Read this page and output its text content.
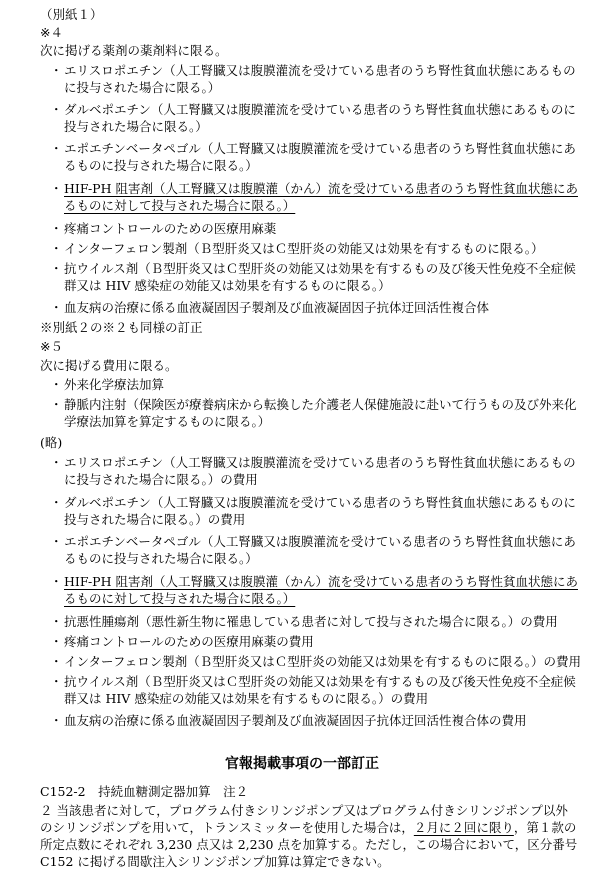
（別紙１）
※４
次に掲げる薬剤の薬剤料に限る。
・ エリスロポエチン（人工腎臓又は腹膜灌流を受けている患者のうち腎性貧血状態にあるものに投与された場合に限る。）
・ ダルベポエチン（人工腎臓又は腹膜灌流を受けている患者のうち腎性貧血状態にあるものに投与された場合に限る。）
・ エポエチンベータペゴル（人工腎臓又は腹膜灌流を受けている患者のうち腎性貧血状態にあるものに投与された場合に限る。）
・ HIF-PH 阻害剤（人工腎臓又は腹膜灌（かん）流を受けている患者のうち腎性貧血状態にあるものに対して投与された場合に限る。）
・ 疼痛コントロールのための医療用麻薬
・ インターフェロン製剤（Ｂ型肝炎又はＣ型肝炎の効能又は効果を有するものに限る。）
・ 抗ウイルス剤（Ｂ型肝炎又はＣ型肝炎の効能又は効果を有するもの及び後天性免疫不全症候群又は HIV 感染症の効能又は効果を有するものに限る。）
・ 血友病の治療に係る血液凝固因子製剤及び血液凝固因子抗体迂回活性複合体
※別紙２の※２も同様の訂正
※５
次に掲げる費用に限る。
・ 外来化学療法加算
・ 静脈内注射（保険医が療養病床から転換した介護老人保健施設に赴いて行うもの及び外来化学療法加算を算定するものに限る。）
(略)
・ エリスロポエチン（人工腎臓又は腹膜灌流を受けている患者のうち腎性貧血状態にあるものに投与された場合に限る。）の費用
・ ダルベポエチン（人工腎臓又は腹膜灌流を受けている患者のうち腎性貧血状態にあるものに投与された場合に限る。）の費用
・ エポエチンベータペゴル（人工腎臓又は腹膜灌流を受けている患者のうち腎性貧血状態にあるものに投与された場合に限る。）
・ HIF-PH 阻害剤（人工腎臓又は腹膜灌（かん）流を受けている患者のうち腎性貧血状態にあるものに対して投与された場合に限る。）
・ 抗悪性腫瘍剤（悪性新生物に罹患している患者に対して投与された場合に限る。）の費用
・ 疼痛コントロールのための医療用麻薬の費用
・ インターフェロン製剤（Ｂ型肝炎又はＣ型肝炎の効能又は効果を有するものに限る。）の費用
・ 抗ウイルス剤（Ｂ型肝炎又はＣ型肝炎の効能又は効果を有するもの及び後天性免疫不全症候群又は HIV 感染症の効能又は効果を有するものに限る。）の費用
・ 血友病の治療に係る血液凝固因子製剤及び血液凝固因子抗体迂回活性複合体の費用
官報掲載事項の一部訂正
C152-2　持続血糖測定器加算　注２
２ 当該患者に対して，プログラム付きシリンジポンプ又はプログラム付きシリンジポンプ以外のシリンジポンプを用いて，トランスミッターを使用した場合は，２月に２回に限り，第１款の所定点数にそれぞれ 3,230 点又は 2,230 点を加算する。ただし，この場合において，区分番号 C152 に掲げる間歇注入シリンジポンプ加算は算定できない。
